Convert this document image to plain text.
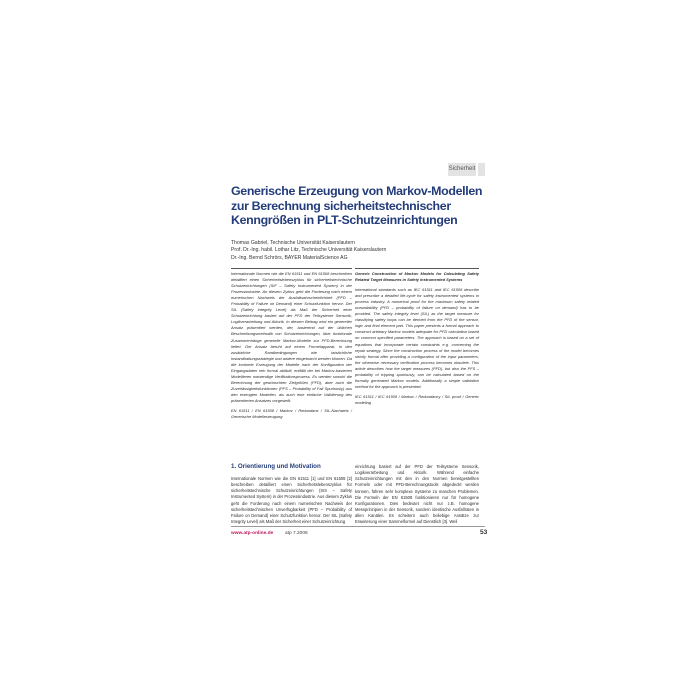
Sicherheit
Generische Erzeugung von Markov-Modellen zur Berechnung sicherheitstechnischer Kenngrößen in PLT-Schutzeinrichtungen
Thomas Gabriel, Technische Universität Kaiserslautern
Prof. Dr.-Ing. habil. Lothar Litz, Technische Universität Kaiserslautern
Dr.-Ing. Bernd Schrörs, BAYER MaterialScience AG

Internationale Normen wie die EN 61511 und EN 61508 beschreiben detailliert einen Sicherheitslebenszyklus für sicherheitstechnische Schutzeinrichtungen (SIF – Safety Instrumented System) in der Prozessindustrie. An diesem Zyklus geht die Forderung nach einem numerischen Nachweis der Ausfallwahrscheinlichkeit (PFD – Probability of Failure on Demand) einer Schutzfunktion hervor. Der SIL (Safety Integrity Level) als Maß der Sicherheit einer Schutzeinrichtung basiert auf der PFD der Teilsysteme Sensorik, Logikverarbeitung und Aktorik. In diesem Beitrag wird ein genereller Ansatz präsentiert werden, der, basierend auf der üblichen Beschreibungsmethodik von Schutzeinrichtungen, über funktionale Zusammenhänge generelle Markov-Modelle zur PFD-Berechnung liefert. Der Ansatz beruht auf einem Formelapparat, in den zusätzliche Randbedingungen wie tatsächliche Instandhaltungsstrategie und andere eingebracht werden können. Da die konkrete Erzeugung der Modelle nach der Konfiguration der Eingangsdaten rein formal abläuft, entfällt der bei Markov-basierten Modellieren notwendige Verifikationsprozess. Es werden sowohl die Berechnung der gewünschten Zielgrößen (PFD), aber auch die Zuverlässigkeitsfunktionen (PFS – Probability of Fail Spuriously) aus den erzeugten Modellen, als auch eine einfache Validierung des präsentierten Ansatzes vorgestellt.

EN 61511 / EN 61508 / Markov / Redundanz / SIL-Nachweis / Generische Modellerzeugung

Generic Construction of Markov Models for Calculating Safety Related Target Measures in Safety Instrumented Systems

International standards such as IEC 61511 and IEC 61508 describe and prescribe a detailed life-cycle for safety instrumented systems in process industry. A numerical proof for the maximum safety related unavailability (PFD – probability of failure on demand) has to be provided. The safety integrity level (SIL) as the target measure for classifying safety loops can be derived from the PFD of the sensor, logic and final element part. This paper presents a formal approach to construct arbitrary Markov models adequate for PFD calculation based on common specified parameters. The approach is based on a set of equations that incorporate certain constraints e.g. concerning the repair strategy. Since the construction process of the model becomes strictly formal after providing a configuration of the input parameters, the otherwise necessary verification process becomes obsolete. This article describes how the target measures (PFD), but also the PFS – probability of tripping spuriously, can be calculated based on the formally generated Markov models. Additionally a simple validation method for the approach is presented.

IEC 61511 / IEC 61508 / Markov / Redundancy / SIL proof / Generic modeling

1. Orientierung und Motivation

Internationale Normen wie die EN 61511 [1] und EN 61508 [2] beschreiben detailliert einen Sicherheitslebenszyklus für sicherheitstechnische Schutzeinrichtungen (SIS – Safety Instrumented System) in der Prozessindustrie. Aus diesem Zyklus geht die Forderung nach einem numerischen Nachweis der sicherheitstechnischen Unverfügbarkeit (PFD – Probability of Failure on Demand) einer Schutzfunktion hervor. Der SIL (Safety Integrity Level) als Maß der Sicherheit einer Schutzeinrichtung

einrichtung basiert auf der PFD der Teilsysteme Sensorik, Logikverarbeitung und Aktorik. Während einfache Schutzeinrichtungen mit den in den Normen bereitgestellten Formeln oder mit PFD-Berechnungstools abgedeckt werden können, führen sehr komplexe Systeme zu manchen Problemen. Die Formeln der EN 61508 funktionieren nur für homogene Konfigurationen. Dies bedeutet nicht nur z.B. homogene Messprinzipien in der Sensorik, sondern identische Ausfallraten in allen Kanälen. Es scheitern auch beliebige Ansätze zur Erweiterung einer Sammelformel auf Dienstlich [3]. Weil

www.atp-online.de atp 7.2008	53
